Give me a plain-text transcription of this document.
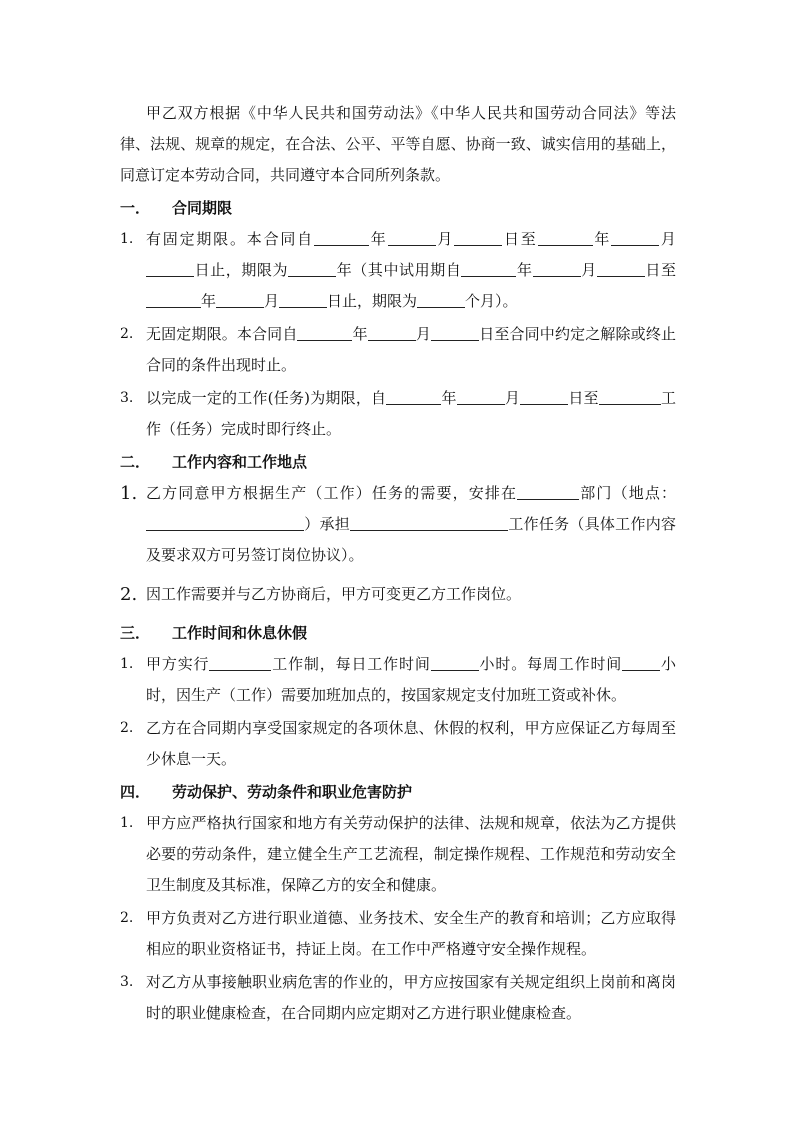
甲乙双方根据《中华人民共和国劳动法》《中华人民共和国劳动合同法》等法律、法规、规章的规定，在合法、公平、平等自愿、协商一致、诚实信用的基础上，同意订定本劳动合同，共同遵守本合同所列条款。

一．	合同期限
1. 有固定期限。本合同自	年	月	日至	年	月日止，期限为	年（其中试用期自	年	月	日至年	月	日止，期限为	个月）。
2. 无固定期限。本合同自	年	月	日至合同中约定之解除或终止合同的条件出现时止。
3. 以完成一定的工作(任务)为期限，自	年	月	日至	工作（任务）完成时即行终止。
二．	工作内容和工作地点
1. 乙方同意甲方根据生产（工作）任务的需要，安排在	部门（地点：）承担	工作任务（具体工作内容及要求双方可另签订岗位协议）。
2. 因工作需要并与乙方协商后，甲方可变更乙方工作岗位。
三．	工作时间和休息休假
1. 甲方实行	工作制，每日工作时间	小时。每周工作时间	小时，因生产（工作）需要加班加点的，按国家规定支付加班工资或补休。
2. 乙方在合同期内享受国家规定的各项休息、休假的权利，甲方应保证乙方每周至少休息一天。
四．	劳动保护、劳动条件和职业危害防护
1. 甲方应严格执行国家和地方有关劳动保护的法律、法规和规章，依法为乙方提供必要的劳动条件，建立健全生产工艺流程，制定操作规程、工作规范和劳动安全卫生制度及其标准，保障乙方的安全和健康。
2. 甲方负责对乙方进行职业道德、业务技术、安全生产的教育和培训；乙方应取得相应的职业资格证书，持证上岗。在工作中严格遵守安全操作规程。
3. 对乙方从事接触职业病危害的作业的，甲方应按国家有关规定组织上岗前和离岗时的职业健康检查，在合同期内应定期对乙方进行职业健康检查。
